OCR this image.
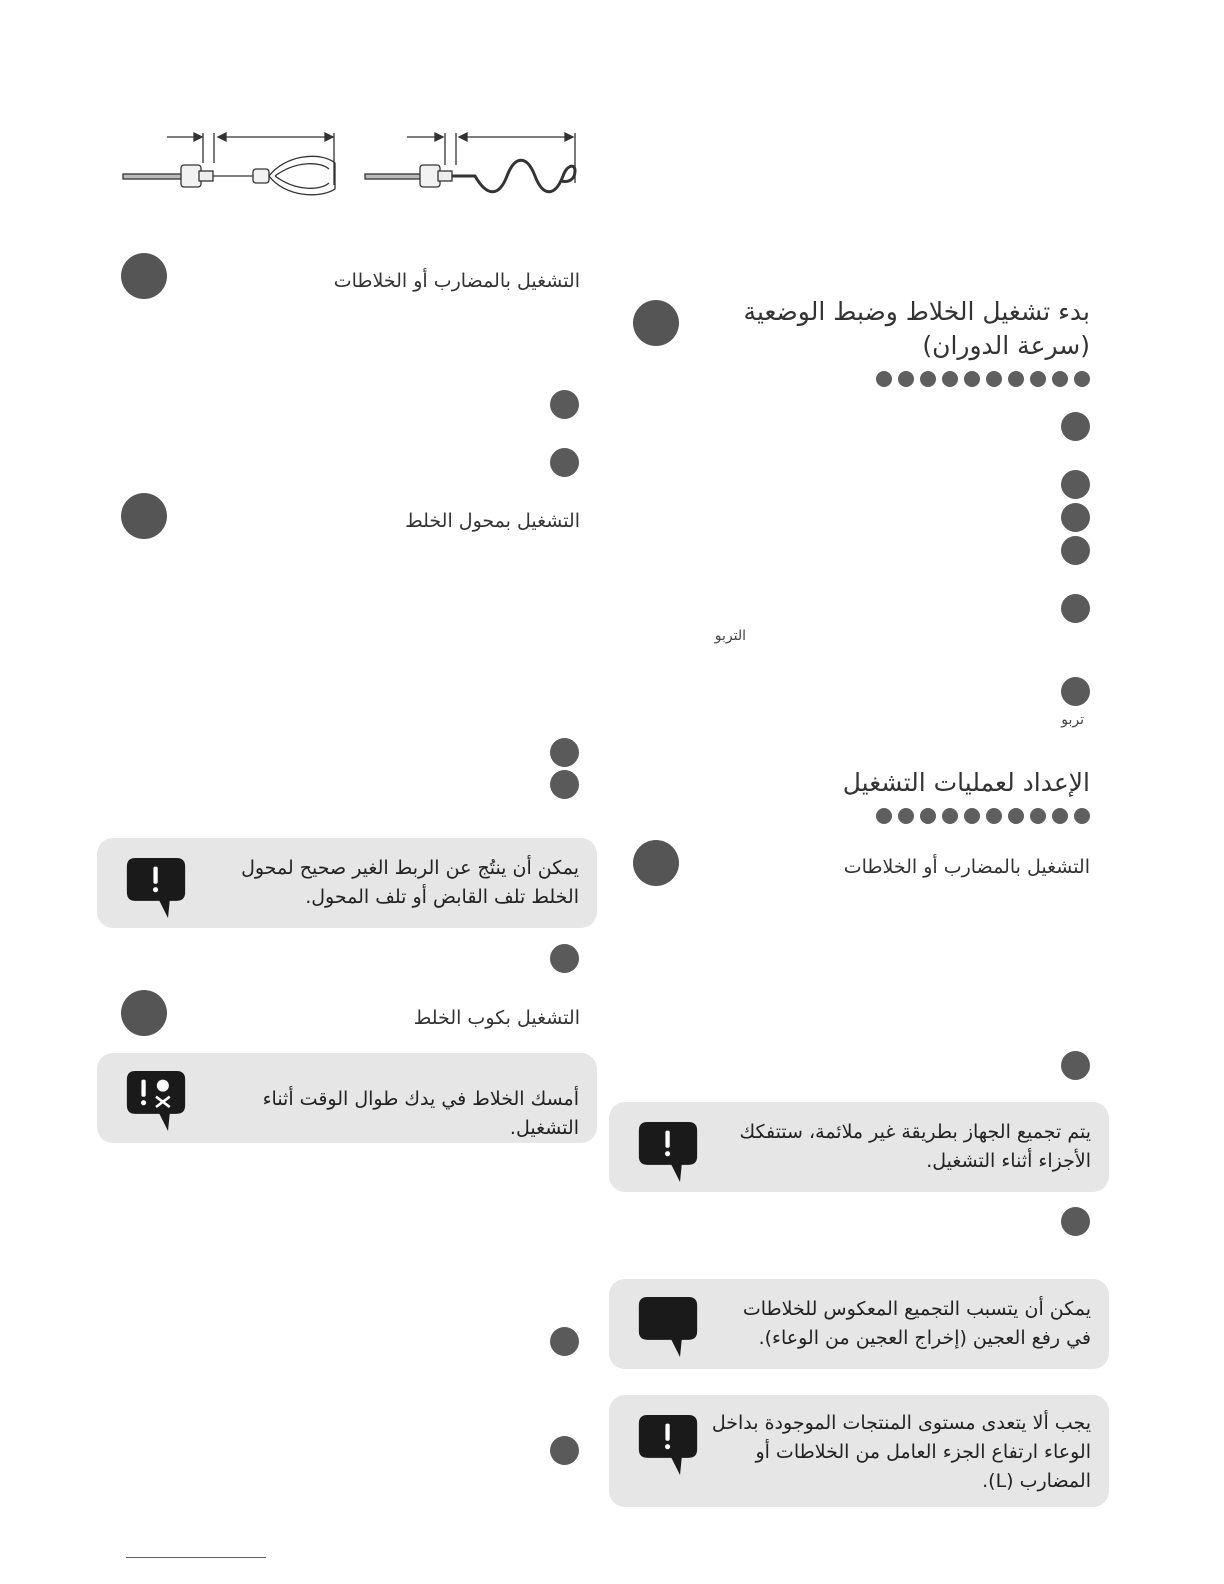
التشغيل بالمضارب أو الخلاطات
التشغيل بمحول الخلط
يمكن أن ينتُج عن الربط الغير صحيح لمحول الخلط تلف القابض أو تلف المحول.
التشغيل بكوب الخلط
أمسك الخلاط في يدك طوال الوقت أثناء التشغيل.
بدء تشغيل الخلاط وضبط الوضعية
(سرعة الدوران)
التربو
تربو
الإعداد لعمليات التشغيل
التشغيل بالمضارب أو الخلاطات
يتم تجميع الجهاز بطريقة غير ملائمة، ستتفكك الأجزاء أثناء التشغيل.
يمكن أن يتسبب التجميع المعكوس للخلاطات في رفع العجين (إخراج العجين من الوعاء).
يجب ألا يتعدى مستوى المنتجات الموجودة بداخل الوعاء ارتفاع الجزء العامل من الخلاطات أو المضارب (L).
